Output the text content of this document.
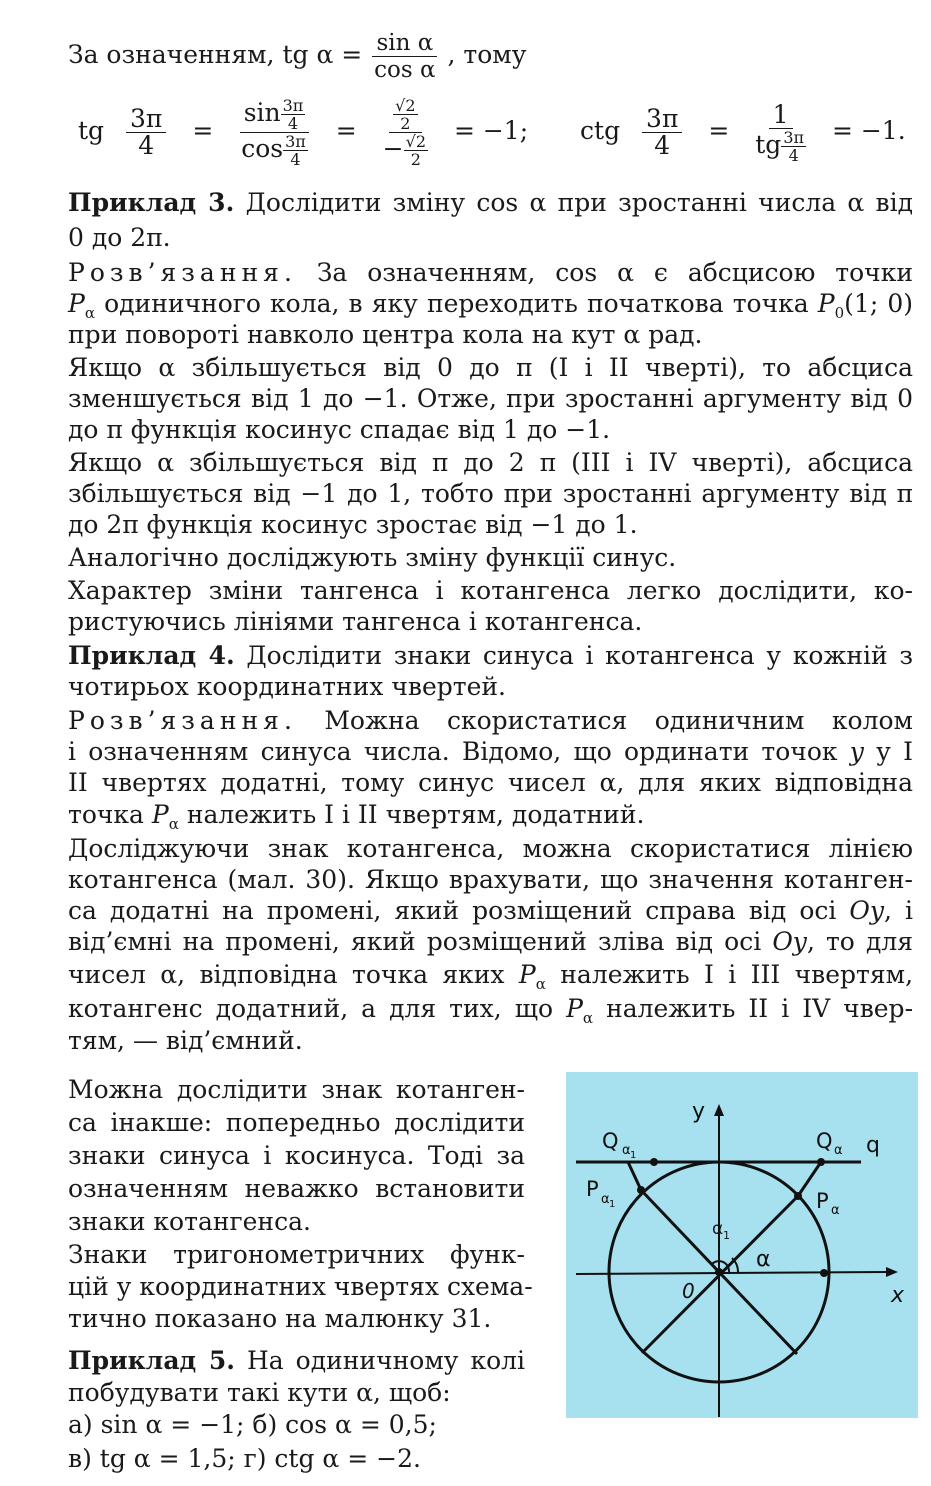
За означенням, tg $\alpha = \frac{\text{sin α}}{\text{cos α}}$ , тому
tg $\frac{3\pi}{4} = \frac{\sin \frac{3\pi}{4}}{\cos \frac{3\pi}{4}} = \frac{\frac{√2}{2}}{- \frac{√2}{2}} = -1$; ctg $\frac{3\pi}{4} = \frac{1}{tg \frac{3\pi}{4}} = -1$.
Приклад 3. Дослідити зміну cos α при зростанні числа α від
0 до 2π.
Розв’язання. За означенням, cos α є абсцисою точки
$P_\alpha$ одиничного кола, в яку переходить початкова точка $P_0(1$; 0)
при повороті навколо центра кола на кут α рад.
Якщо α збільшується від 0 до π (I і II чверті), то абсциса
зменшується від 1 до −1. Отже, при зростанні аргументу від 0
до π функція косинус спадає від 1 до −1.
Якщо α збільшується від π до 2 π (III і IV чверті), абсциса
збільшується від −1 до 1, тобто при зростанні аргументу від π
до 2π функція косинус зростає від −1 до 1.
Аналогічно досліджують зміну функції синус.
Характер зміни тангенса і котангенса легко дослідити, ко-
ристуючись лініями тангенса і котангенса.
Приклад 4. Дослідити знаки синуса і котангенса у кожній з
чотирьох координатних чвертей.
Розв’язання. Можна скористатися одиничним колом
і означенням синуса числа. Відомо, що ординати точок y у I
II чвертях додатні, тому синус чисел α, для яких відповідна
точка $P_\alpha$ належить I і II чвертям, додатний.
Досліджуючи знак котангенса, можна скористатися лінією
котангенса (мал. 30). Якщо врахувати, що значення котанген-
са додатні на промені, який розміщений справа від осі Oy, і
від’ємні на промені, який розміщений зліва від осі Oy, то для
чисел α, відповідна точка яких $P_\alpha$ належить I і III чвертям,
котангенс додатний, а для тих, що $P_\alpha$ належить II і IV чвер-
тям, — від’ємний.
Можна дослідити знак котанген-
са інакше: попередньо дослідити
знаки синуса і косинуса. Тоді за
означенням неважко встановити
знаки котангенса.
Знаки тригонометричних функ-
цій у координатних чвертях схема-
тично показано на малюнку 31.
Приклад 5. На одиничному колі
побудувати такі кути α, щоб:
а) sin α = −1; б) cos α = 0,5;
в) tg α = 1,5; г) ctg α = −2.
y
x
0
q
Q α 1
Q α
P α 1	P α
α
α 1
